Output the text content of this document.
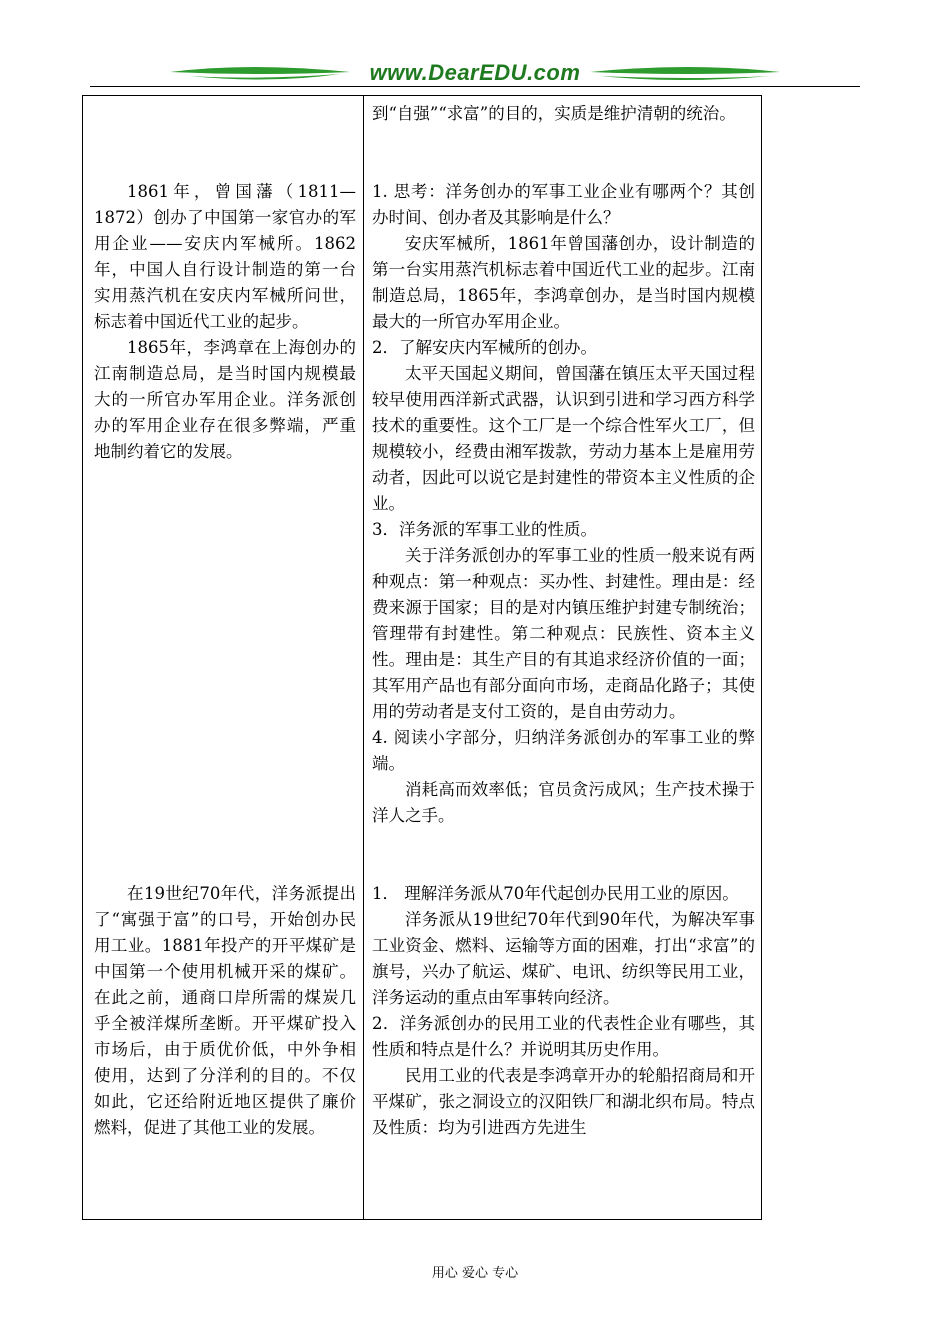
www.DearEDU.com

到“自强”“求富”的目的，实质是维护清朝的统治。

1861年，曾国藩（1811—1872）创办了中国第一家官办的军用企业——安庆内军械所。1862年，中国人自行设计制造的第一台实用蒸汽机在安庆内军械所问世，标志着中国近代工业的起步。

1865年，李鸿章在上海创办的江南制造总局，是当时国内规模最大的一所官办军用企业。洋务派创办的军用企业存在很多弊端，严重地制约着它的发展。

1. 思考：洋务创办的军事工业企业有哪两个？其创办时间、创办者及其影响是什么？

安庆军械所，1861年曾国藩创办，设计制造的第一台实用蒸汽机标志着中国近代工业的起步。江南制造总局，1865年，李鸿章创办，是当时国内规模最大的一所官办军用企业。

2．了解安庆内军械所的创办。

太平天国起义期间，曾国藩在镇压太平天国过程 较早使用西洋新式武器，认识到引进和学习西方科学技术的重要性。这个工厂是一个综合性军火工厂，但规模较小，经费由湘军拨款，劳动力基本上是雇用劳动者，因此可以说它是封建性的带资本主义性质的企业。

3．洋务派的军事工业的性质。

关于洋务派创办的军事工业的性质一般来说有两种观点：第一种观点：买办性、封建性。理由是：经费来源于国家；目的是对内镇压维护封建专制统治；管理带有封建性。第二种观点：民族性、资本主义性。理由是：其生产目的有其追求经济价值的一面；其军用产品也有部分面向市场，走商品化路子；其使用的劳动者是支付工资的，是自由劳动力。

4. 阅读小字部分，归纳洋务派创办的军事工业的弊端。

消耗高而效率低；官员贪污成风；生产技术操于洋人之手。

在19世纪70年代，洋务派提出了“寓强于富”的口号，开始创办民用工业。1881年投产的开平煤矿是中国第一个使用机械开采的煤矿。在此之前，通商口岸所需的煤炭几乎全被洋煤所垄断。开平煤矿投入市场后，由于质优价低，中外争相使用，达到了分洋利的目的。不仅如此，它还给附近地区提供了廉价燃料，促进了其他工业的发展。

1． 理解洋务派从70年代起创办民用工业的原因。

洋务派从19世纪70年代到90年代，为解决军事工业资金、燃料、运输等方面的困难，打出“求富”的旗号，兴办了航运、煤矿、电讯、纺织等民用工业，洋务运动的重点由军事转向经济。

2．洋务派创办的民用工业的代表性企业有哪些，其性质和特点是什么？并说明其历史作用。

民用工业的代表是李鸿章开办的轮船招商局和开平煤矿，张之洞设立的汉阳铁厂和湖北织布局。特点及性质：均为引进西方先进生

用心 爱心 专心
